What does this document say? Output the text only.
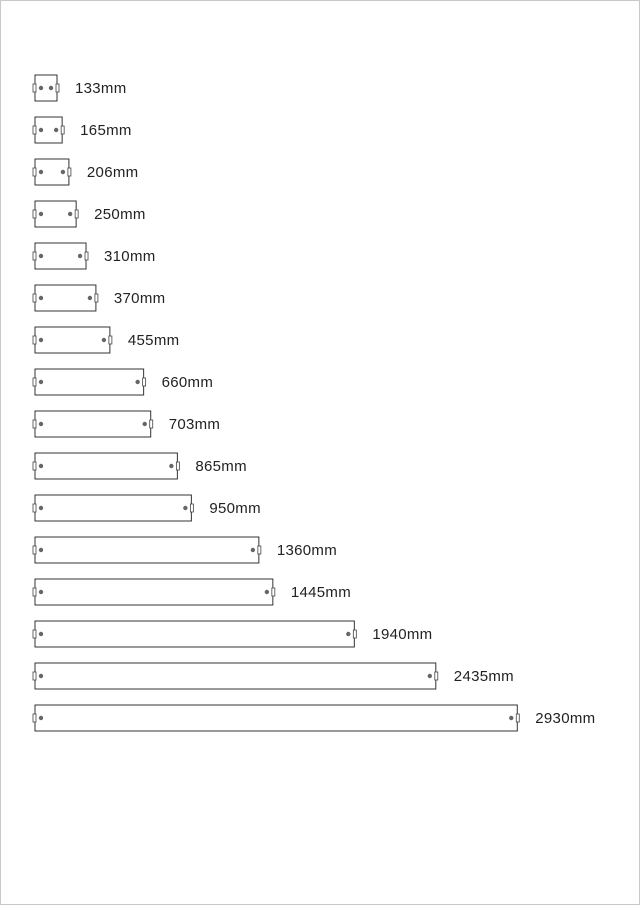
133mm
165mm
206mm
250mm
310mm
370mm
455mm
660mm
703mm
865mm
950mm
1360mm
1445mm
1940mm
2435mm
2930mm
